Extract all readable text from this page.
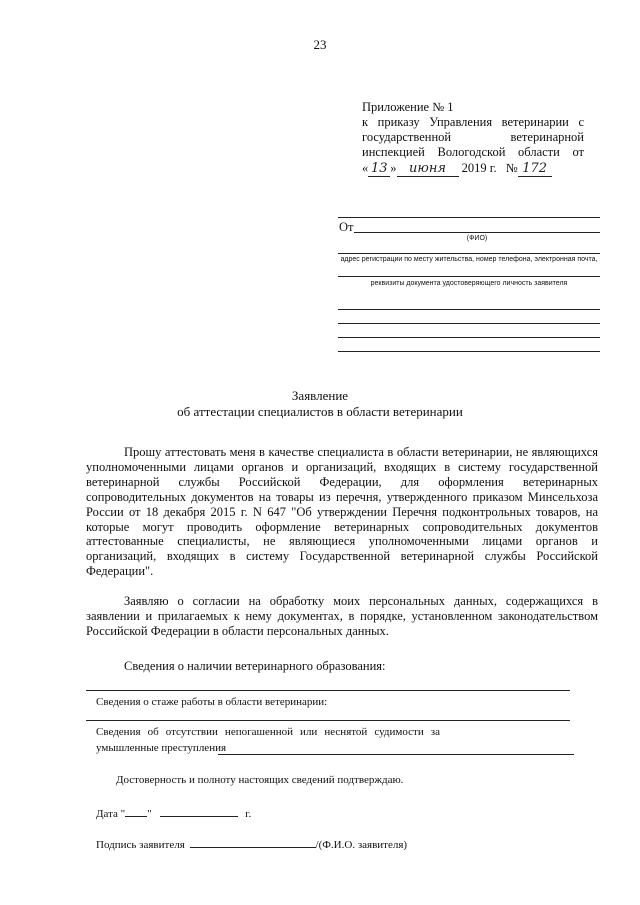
23
Приложение № 1
к приказу Управления ветеринарии с
государственной ветеринарной
инспекцией Вологодской области от
« 13 » июня 2019 г. № 172
От
(ФИО)
адрес регистрации по месту жительства, номер телефона, электронная почта,
реквизиты документа удостоверяющего личность заявителя
Заявление
об аттестации специалистов в области ветеринарии
Прошу аттестовать меня в качестве специалиста в области ветеринарии, не являющихся уполномоченными лицами органов и организаций, входящих в систему государственной ветеринарной службы Российской Федерации, для оформления ветеринарных сопроводительных документов на товары из перечня, утвержденного приказом Минсельхоза России от 18 декабря 2015 г. N 647 "Об утверждении Перечня подконтрольных товаров, на которые могут проводить оформление ветеринарных сопроводительных документов аттестованные специалисты, не являющиеся уполномоченными лицами органов и организаций, входящих в систему Государственной ветеринарной службы Российской Федерации".
Заявляю о согласии на обработку моих персональных данных, содержащихся в заявлении и прилагаемых к нему документах, в порядке, установленном законодательством Российской Федерации в области персональных данных.
Сведения о наличии ветеринарного образования:
Сведения о стаже работы в области ветеринарии:
Сведения об отсутствии непогашенной или неснятой судимости за
умышленные преступления
Достоверность и полноту настоящих сведений подтверждаю.
Дата " "	г.
Подпись заявителя	/(Ф.И.О. заявителя)
